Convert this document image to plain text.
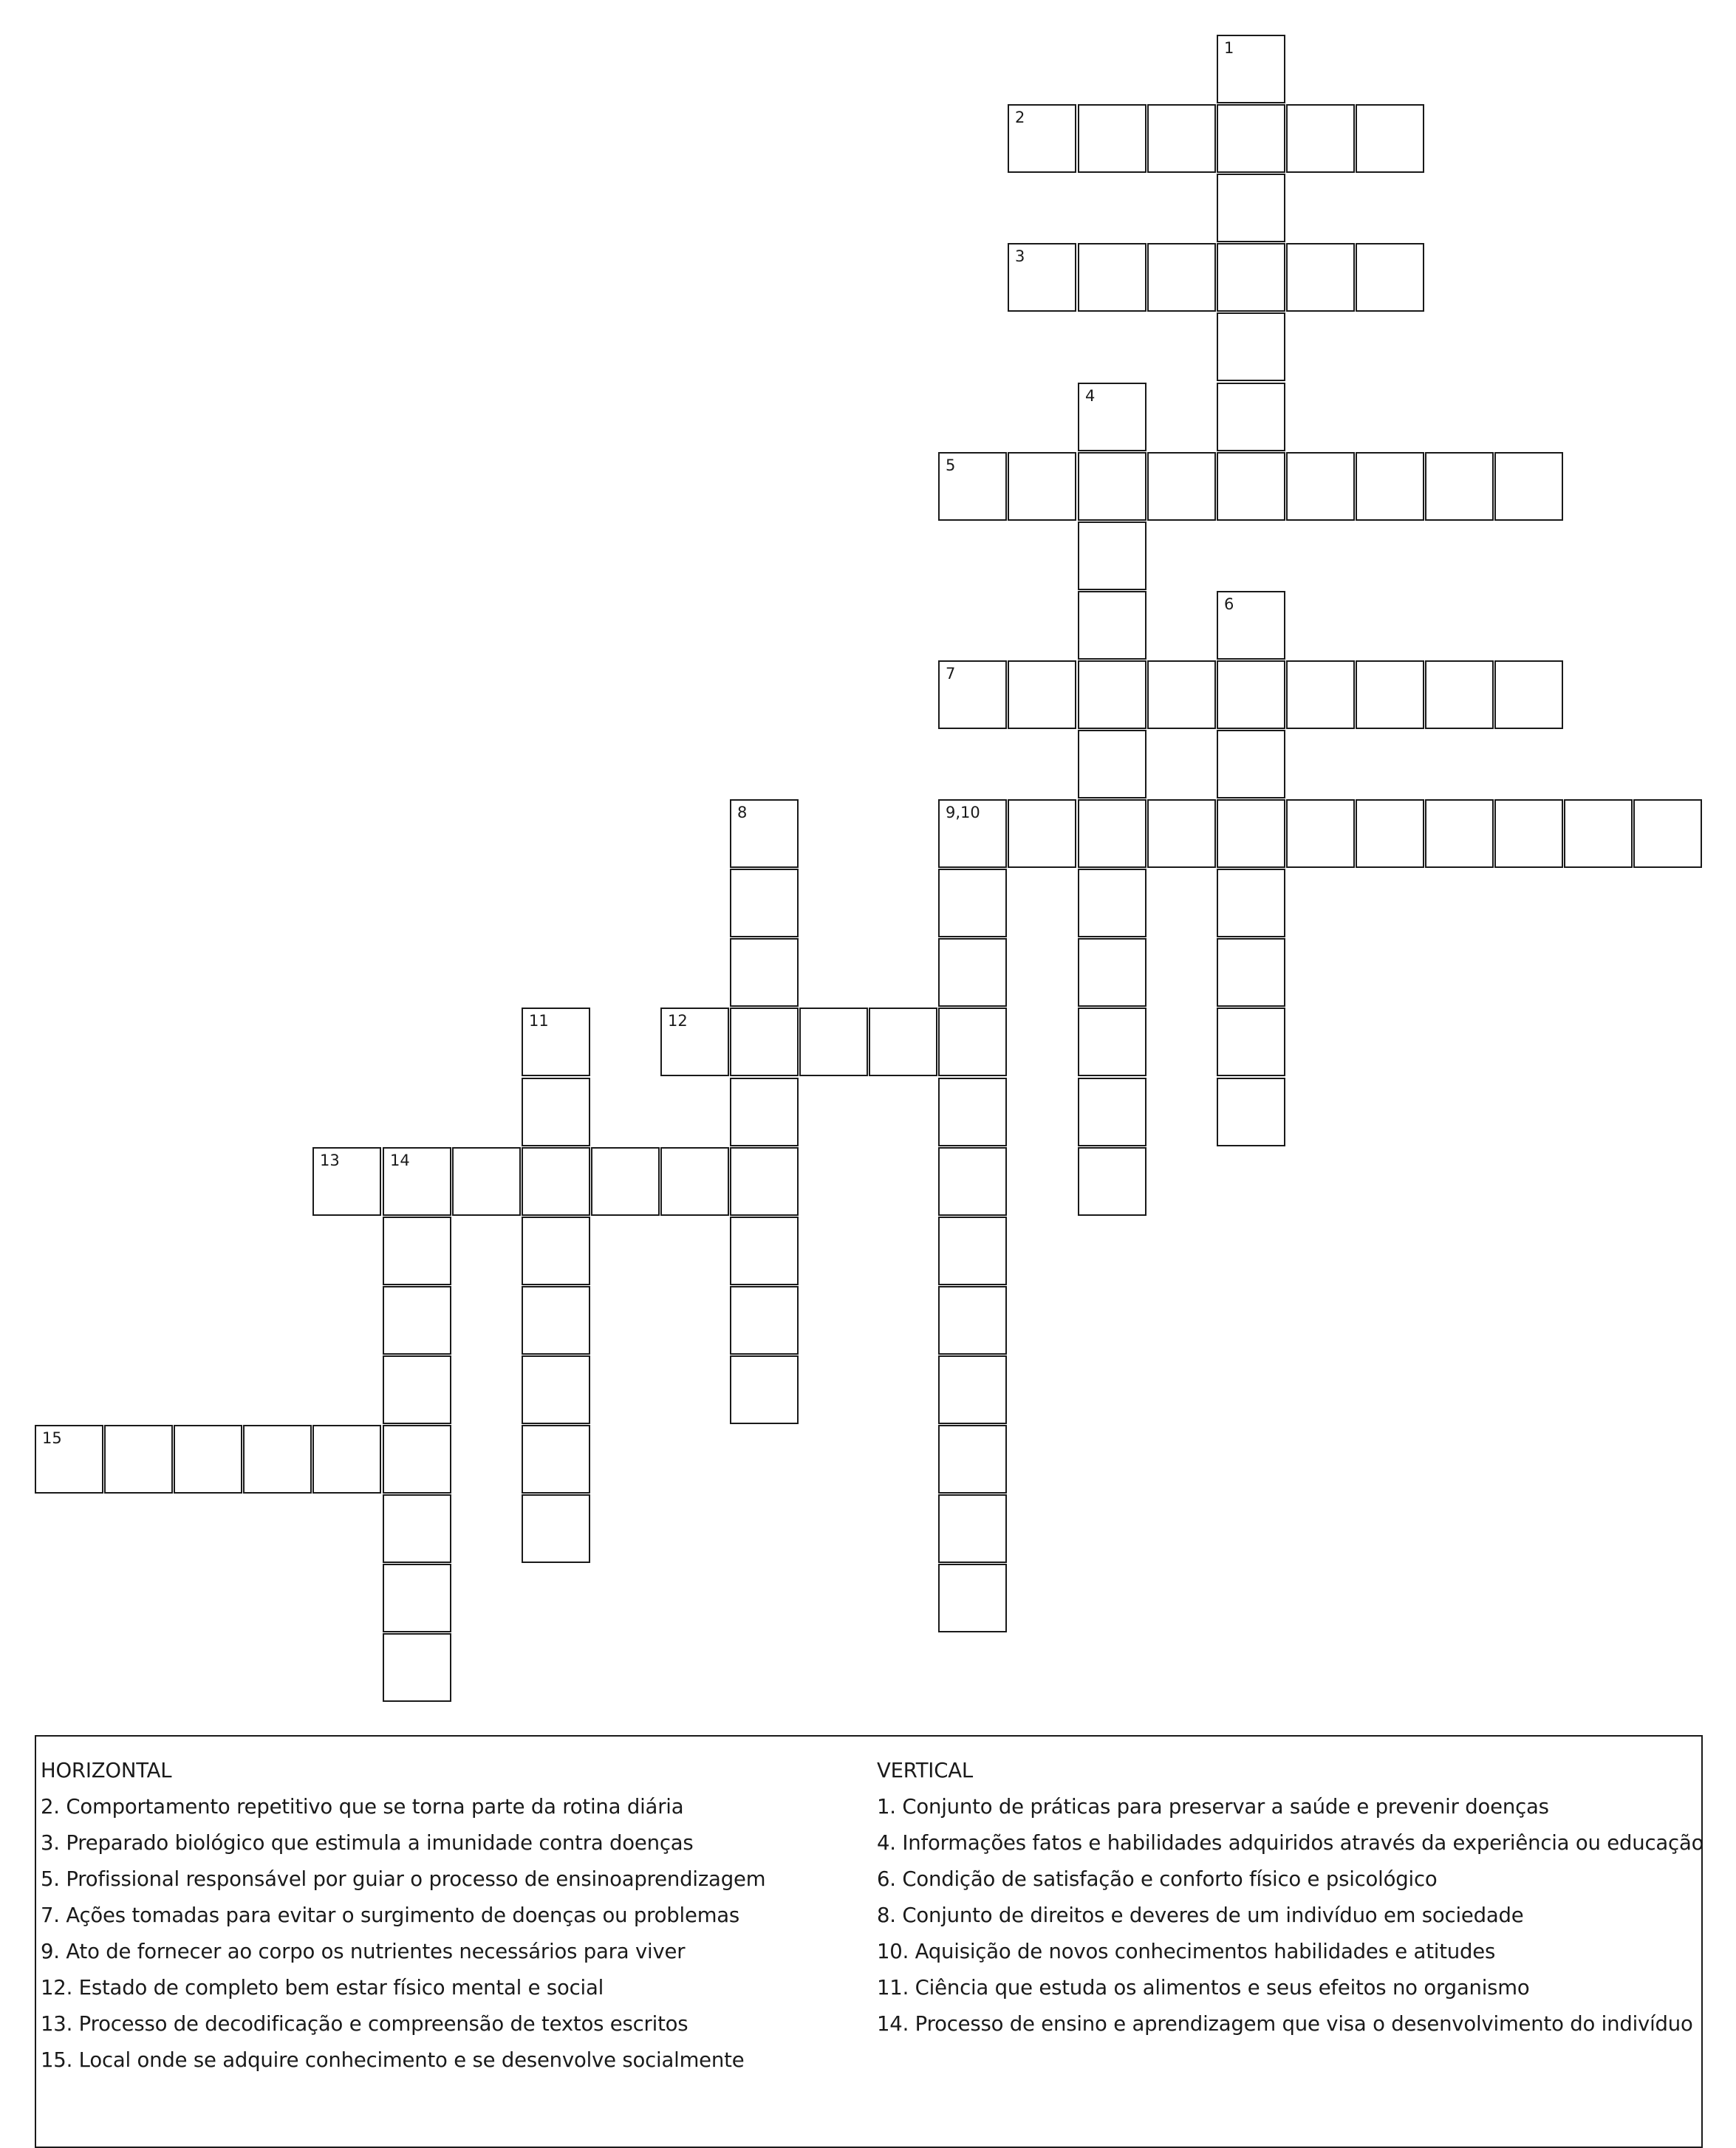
1
2
3
4
5
6
7
8	9,10
11	12
13	14
15
HORIZONTAL
2. Comportamento repetitivo que se torna parte da rotina diária
3. Preparado biológico que estimula a imunidade contra doenças
5. Profissional responsável por guiar o processo de ensinoaprendizagem
7. Ações tomadas para evitar o surgimento de doenças ou problemas
9. Ato de fornecer ao corpo os nutrientes necessários para viver
12. Estado de completo bem estar físico mental e social
13. Processo de decodificação e compreensão de textos escritos
15. Local onde se adquire conhecimento e se desenvolve socialmente
VERTICAL
1. Conjunto de práticas para preservar a saúde e prevenir doenças
4. Informações fatos e habilidades adquiridos através da experiência ou educação
6. Condição de satisfação e conforto físico e psicológico
8. Conjunto de direitos e deveres de um indivíduo em sociedade
10. Aquisição de novos conhecimentos habilidades e atitudes
11. Ciência que estuda os alimentos e seus efeitos no organismo
14. Processo de ensino e aprendizagem que visa o desenvolvimento do indivíduo
